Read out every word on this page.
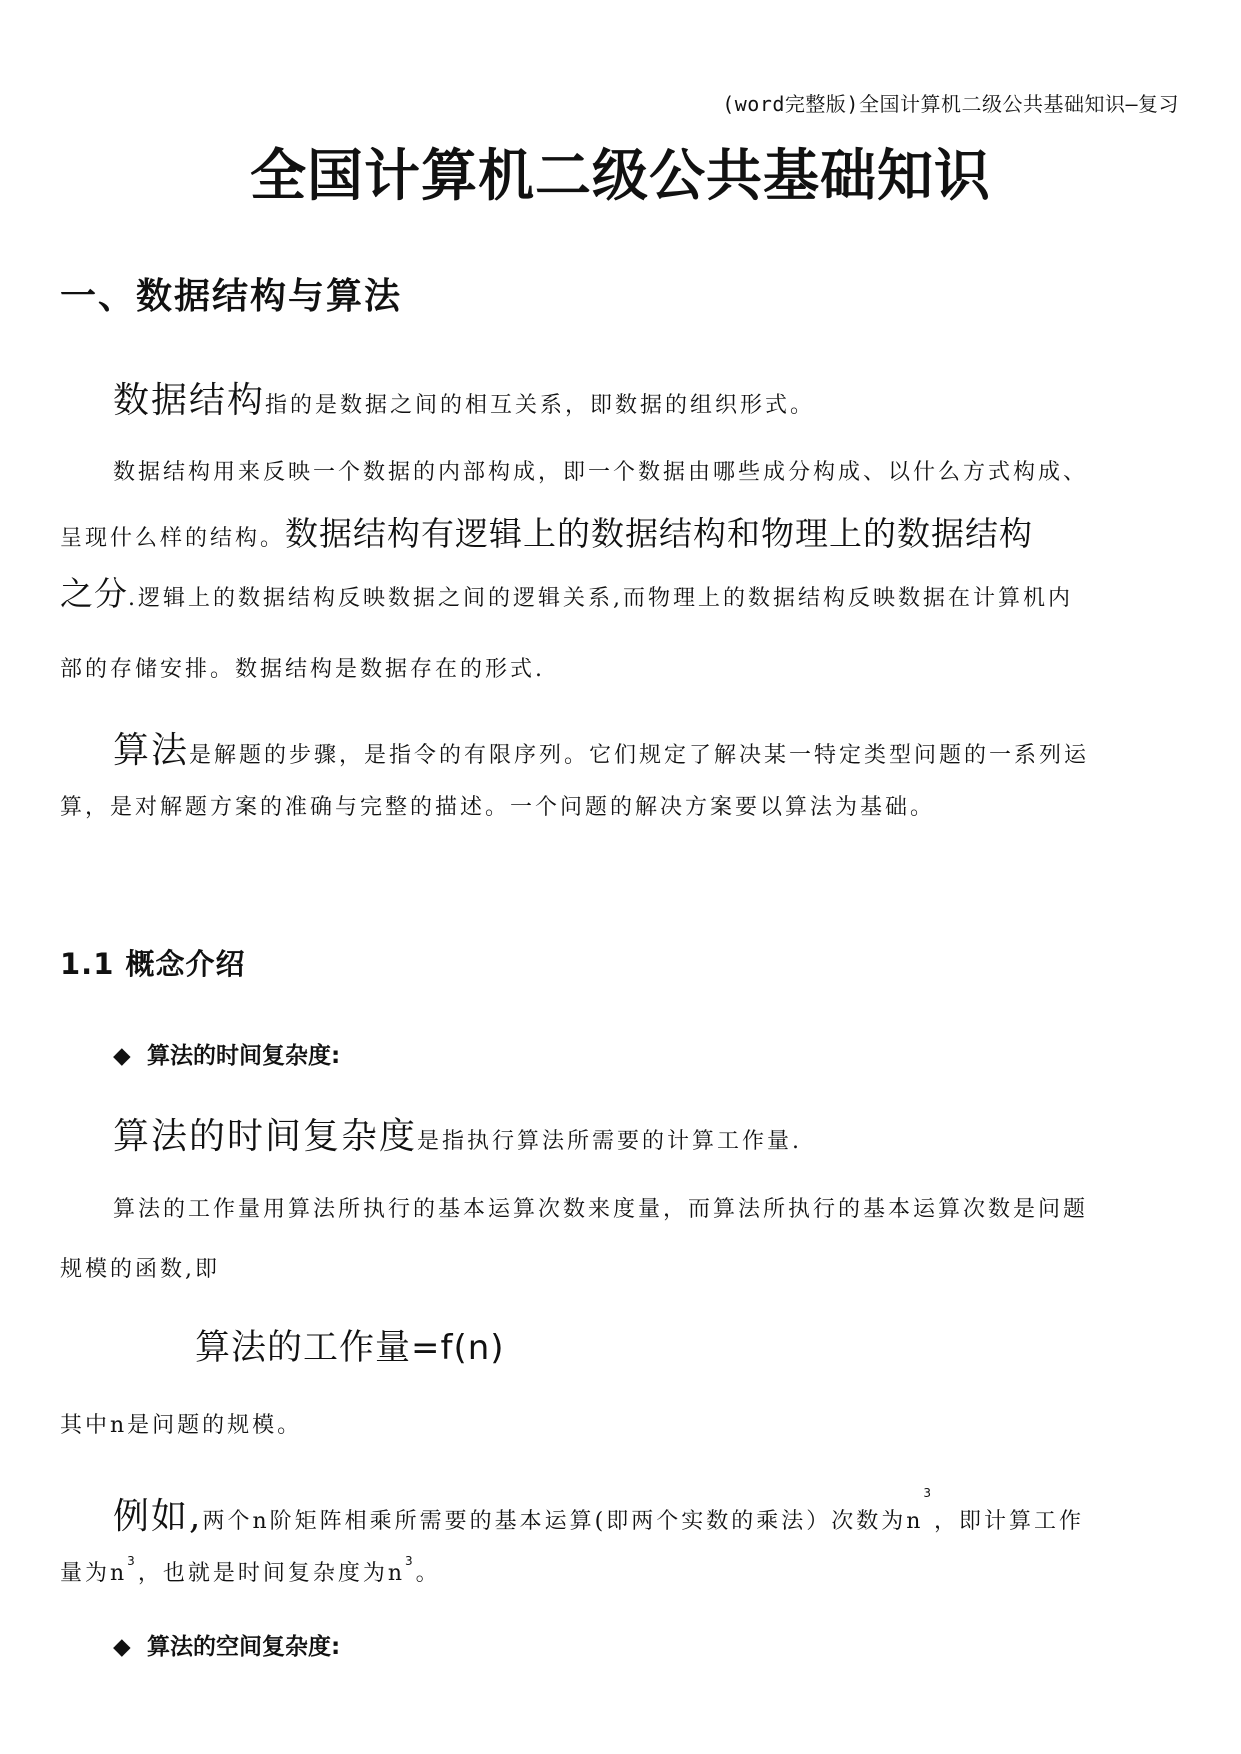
(word完整版)全国计算机二级公共基础知识—复习
全国计算机二级公共基础知识
一、数据结构与算法
数据结构指的是数据之间的相互关系，即数据的组织形式。
数据结构用来反映一个数据的内部构成，即一个数据由哪些成分构成、以什么方式构成、
呈现什么样的结构。数据结构有逻辑上的数据结构和物理上的数据结构
之分.逻辑上的数据结构反映数据之间的逻辑关系,而物理上的数据结构反映数据在计算机内
部的存储安排。数据结构是数据存在的形式.
算法是解题的步骤，是指令的有限序列。它们规定了解决某一特定类型问题的一系列运
算，是对解题方案的准确与完整的描述。一个问题的解决方案要以算法为基础。
1.1 概念介绍
◆ 算法的时间复杂度:
算法的时间复杂度是指执行算法所需要的计算工作量.
算法的工作量用算法所执行的基本运算次数来度量，而算法所执行的基本运算次数是问题
规模的函数,即
算法的工作量=f(n)
其中n是问题的规模。
例如,两个n阶矩阵相乘所需要的基本运算(即两个实数的乘法）次数为$n^3$，即计算工作
量为$n^3$，也就是时间复杂度为$n^3$。
◆ 算法的空间复杂度:
